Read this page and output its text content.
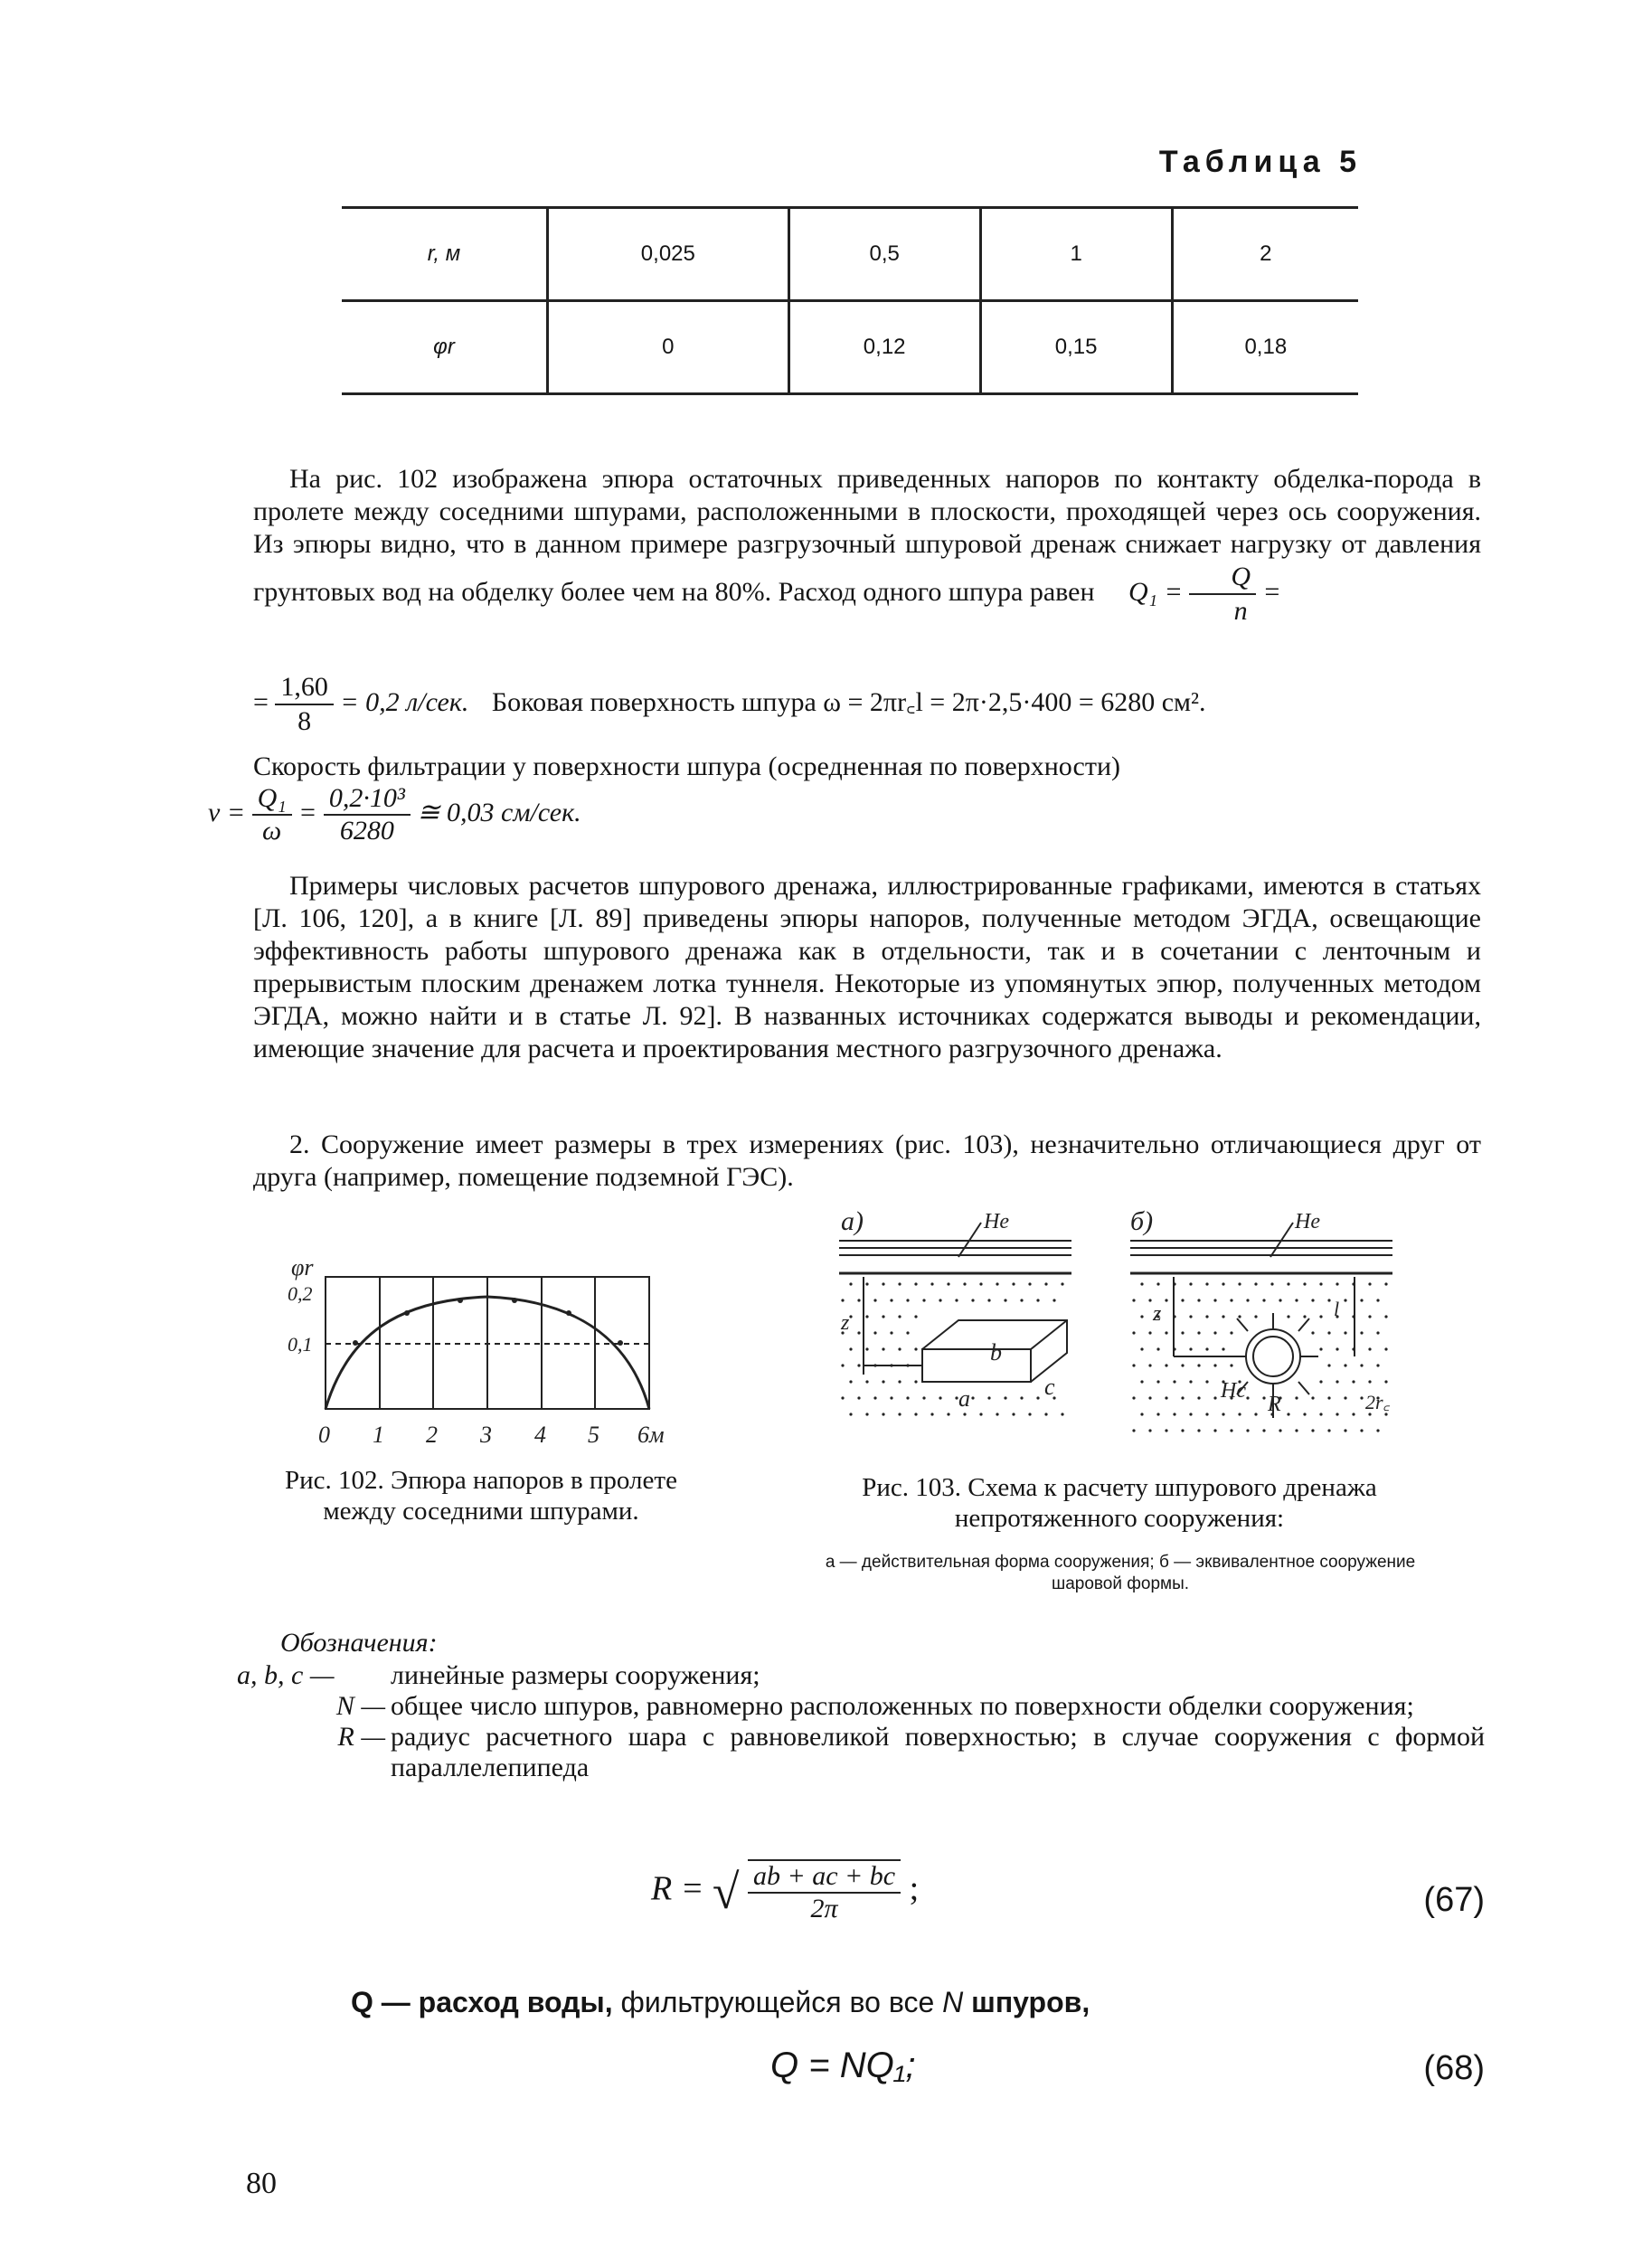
Таблица 5
r, м	0,025	0,5	1	2
φr	0	0,12	0,15	0,18

На рис. 102 изображена эпюра остаточных приведенных напоров по контакту обделка-порода в пролете между соседними шпурами, расположенными в плоскости, проходящей через ось сооружения. Из эпюры видно, что в данном примере разгрузочный шпуровой дренаж снижает нагрузку от давления грунтовых вод на обделку более чем на 80%. Расход одного шпура равен $Q_1 = \frac{Q}{n}$ =

= $\frac{1,60}{8} = 0,2$ л/сек. Боковая поверхность шпура ω = 2πr꜀l = 2π·2,5·400 = 6280 см².
Скорость фильтрации у поверхности шпура (осредненная по поверхности)
$v = \frac{\text{Q₁}}{\omega} = \frac{\text{0,2·10³}}{6280}$ ≅ 0,03 см/сек.

Примеры числовых расчетов шпурового дренажа, иллюстрированные графиками, имеются в статьях [Л. 106, 120], а в книге [Л. 89] приведены эпюры напоров, полученные методом ЭГДА, освещающие эффективность работы шпурового дренажа как в отдельности, так и в сочетании с ленточным и прерывистым плоским дренажем лотка туннеля. Некоторые из упомянутых эпюр, полученных методом ЭГДА, можно найти и в статье Л. 92]. В названных источниках содержатся выводы и рекомендации, имеющие значение для расчета и проектирования местного разгрузочного дренажа.

2. Сооружение имеет размеры в трех измерениях (рис. 103), незначительно отличающиеся друг от друга (например, помещение подземной ГЭС).

φr
0,2
0,1
0 1 2 3 4 5 6м
Рис. 102. Эпюра напоров в пролете между соседними шпурами.
а)	б)
Hе	Hе
z	z
a
b
c	Hс
R
l
2r꜀
Рис. 103. Схема к расчету шпурового дренажа непротяженного сооружения:
а — действительная форма сооружения; б — эквивалентное сооружение шаровой формы.
Обозначения:
a, b, c —	линейные размеры сооружения;
N — общее число шпуров, равномерно расположенных по поверхности обделки сооружения;
R — радиус расчетного шара с равновеликой поверхностью; в случае сооружения с формой параллелепипеда
R = √ $\frac{ab + ac + bc}{2\pi}$ ;	(67)
Q — расход воды, фильтрующейся во все N шпуров,
Q = NQ₁;	(68)
80
